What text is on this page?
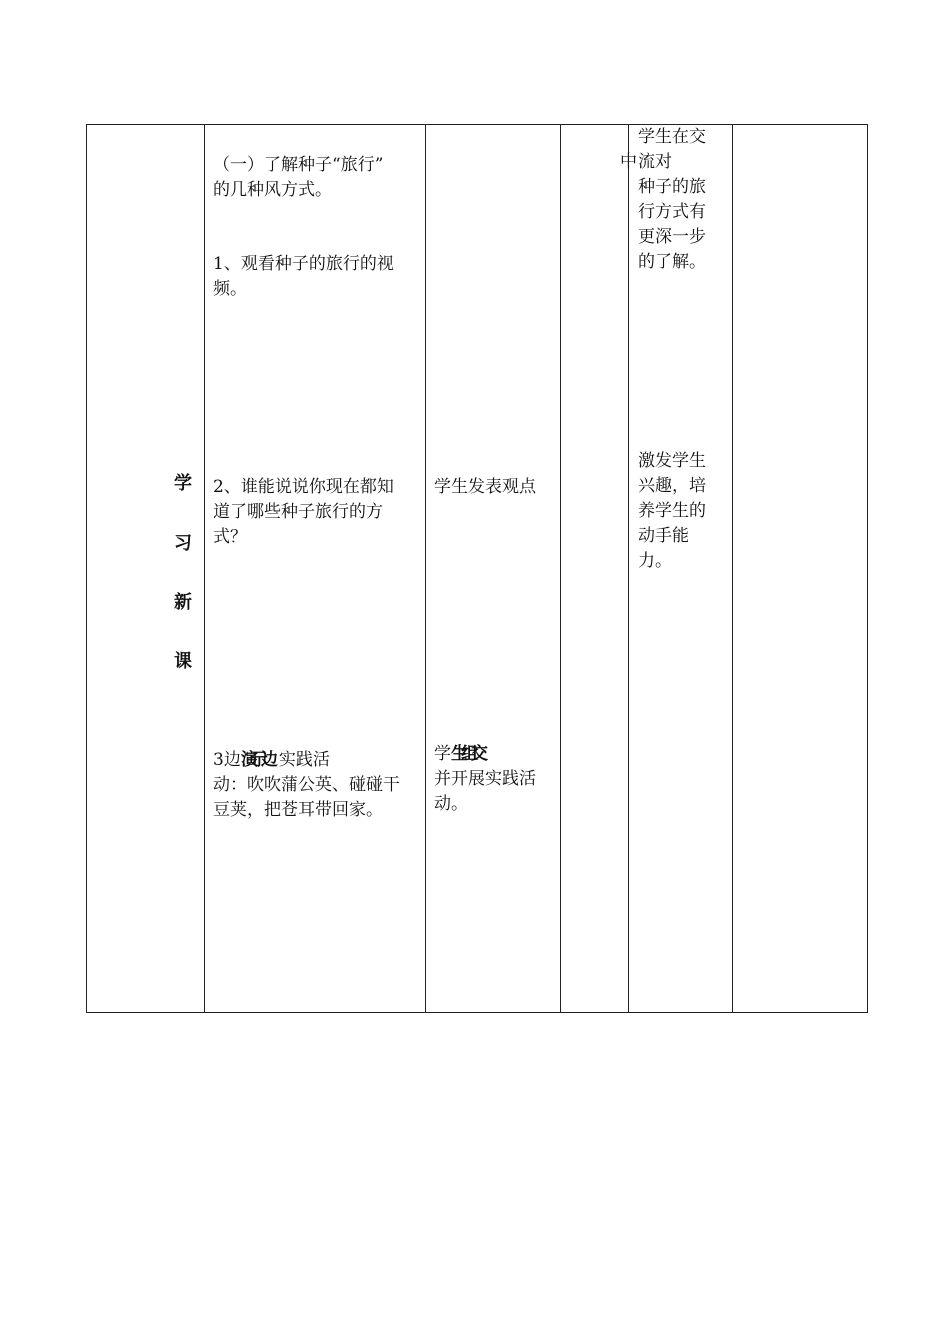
学
习
新
课
（一）了解种子“旅行”
的几种风方式。
1、观看种子的旅行的视
频。
2、谁能说说你现在都知
道了哪些种子旅行的方
式？
3边演示边 实践活
动：吹吹蒲公英、碰碰干
豆荚，把苍耳带回家。
学生发表观点
学生组交
并开展实践活
动。
学生在交
中 流对
种子的旅
行方式有
更深一步
的了解。
激发学生
兴趣，培
养学生的
动手能
力。
